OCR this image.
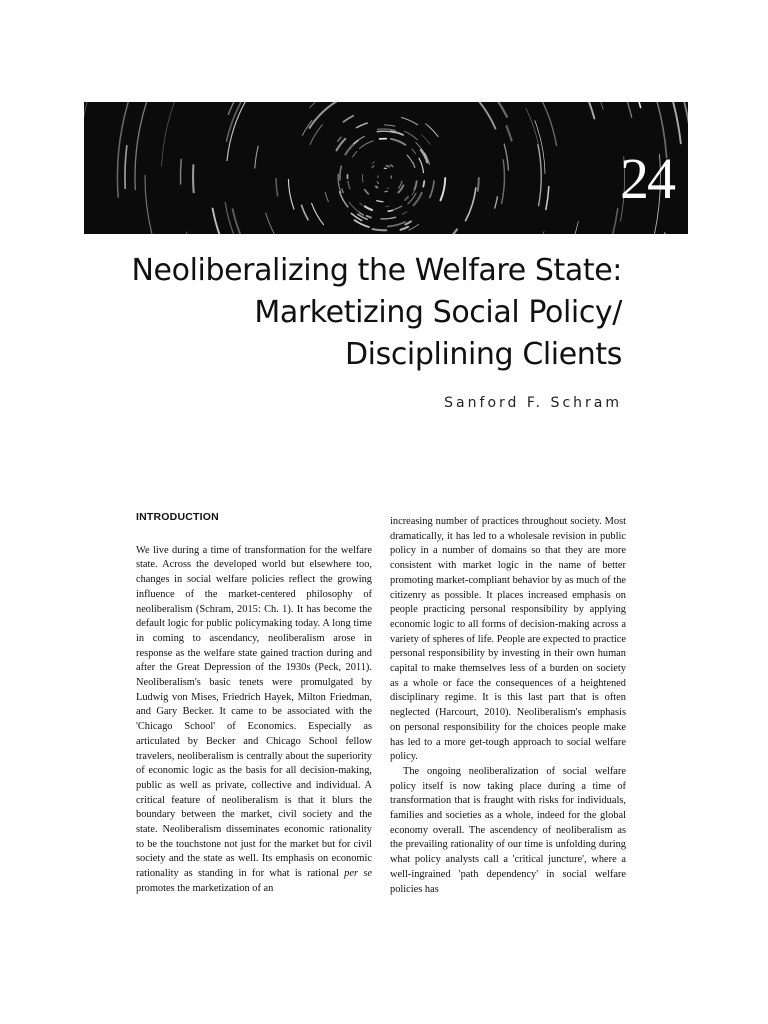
24
Neoliberalizing the Welfare State:
Marketizing Social Policy/
Disciplining Clients
Sanford F. Schram
INTRODUCTION

We live during a time of transformation for the welfare state. Across the developed world but elsewhere too, changes in social welfare policies reflect the growing influence of the market-centered philosophy of neoliberalism (Schram, 2015: Ch. 1). It has become the default logic for public policymaking today. A long time in coming to ascendancy, neoliberalism arose in response as the welfare state gained traction during and after the Great Depression of the 1930s (Peck, 2011). Neoliberalism's basic tenets were promulgated by Ludwig von Mises, Friedrich Hayek, Milton Friedman, and Gary Becker. It came to be associated with the 'Chicago School' of Economics. Especially as articulated by Becker and Chicago School fellow travelers, neoliberalism is centrally about the superiority of economic logic as the basis for all decision-making, public as well as private, collective and individual. A critical feature of neoliberalism is that it blurs the boundary between the market, civil society and the state. Neoliberalism disseminates economic rationality to be the touchstone not just for the market but for civil society and the state as well. Its emphasis on economic rationality as standing in for what is rational per se promotes the marketization of an

increasing number of practices throughout society. Most dramatically, it has led to a wholesale revision in public policy in a number of domains so that they are more consistent with market logic in the name of better promoting market-compliant behavior by as much of the citizenry as possible. It places increased emphasis on people practicing personal responsibility by applying economic logic to all forms of decision-making across a variety of spheres of life. People are expected to practice personal responsibility by investing in their own human capital to make themselves less of a burden on society as a whole or face the consequences of a heightened disciplinary regime. It is this last part that is often neglected (Harcourt, 2010). Neoliberalism's emphasis on personal responsibility for the choices people make has led to a more get-tough approach to social welfare policy.

The ongoing neoliberalization of social welfare policy itself is now taking place during a time of transformation that is fraught with risks for individuals, families and societies as a whole, indeed for the global economy overall. The ascendency of neoliberalism as the prevailing rationality of our time is unfolding during what policy analysts call a 'critical juncture', where a well-ingrained 'path dependency' in social welfare policies has
